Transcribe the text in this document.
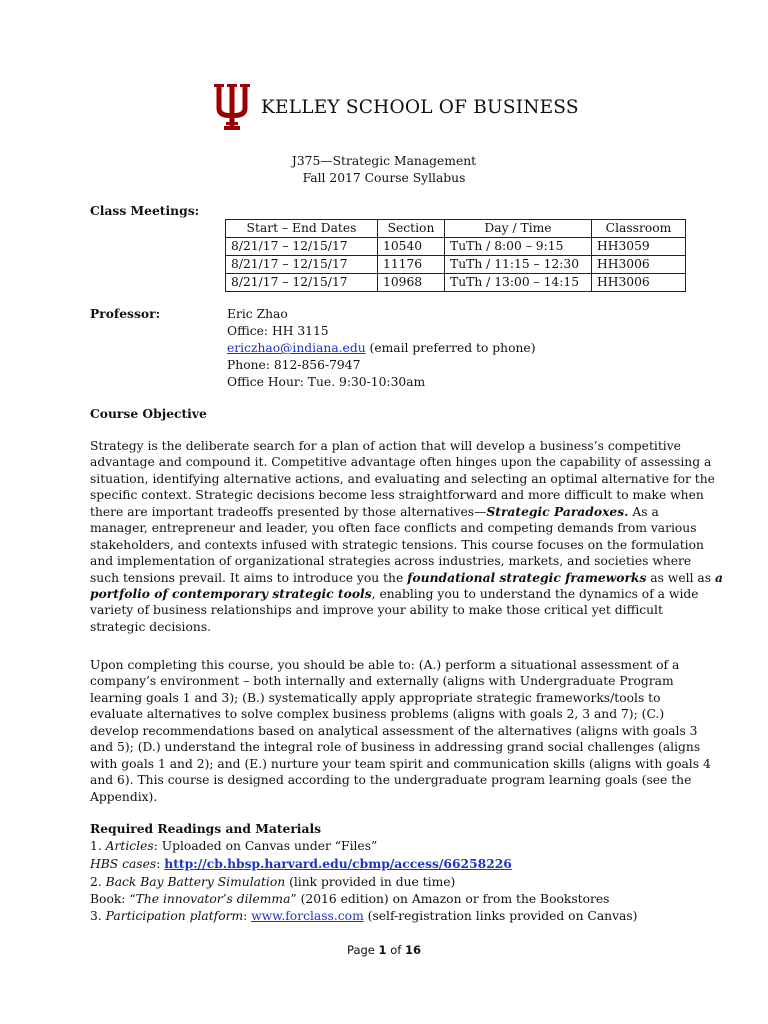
KELLEY SCHOOL OF BUSINESS
J375—Strategic Management
Fall 2017 Course Syllabus
Class Meetings:
Start – End Dates	Section	Day / Time	Classroom
8/21/17 – 12/15/17	10540	TuTh / 8:00 – 9:15	HH3059
8/21/17 – 12/15/17	11176	TuTh / 11:15 – 12:30	HH3006
8/21/17 – 12/15/17	10968	TuTh / 13:00 – 14:15	HH3006
Professor:	Eric Zhao
Office: HH 3115
ericzhao@indiana.edu (email preferred to phone)
Phone: 812-856-7947
Office Hour: Tue. 9:30-10:30am
Course Objective
Strategy is the deliberate search for a plan of action that will develop a business’s competitive
advantage and compound it. Competitive advantage often hinges upon the capability of assessing a
situation, identifying alternative actions, and evaluating and selecting an optimal alternative for the
specific context. Strategic decisions become less straightforward and more difficult to make when
there are important tradeoffs presented by those alternatives—Strategic Paradoxes. As a
manager, entrepreneur and leader, you often face conflicts and competing demands from various
stakeholders, and contexts infused with strategic tensions. This course focuses on the formulation
and implementation of organizational strategies across industries, markets, and societies where
such tensions prevail. It aims to introduce you the foundational strategic frameworks as well as a
portfolio of contemporary strategic tools, enabling you to understand the dynamics of a wide
variety of business relationships and improve your ability to make those critical yet difficult
strategic decisions.
Upon completing this course, you should be able to: (A.) perform a situational assessment of a
company’s environment – both internally and externally (aligns with Undergraduate Program
learning goals 1 and 3); (B.) systematically apply appropriate strategic frameworks/tools to
evaluate alternatives to solve complex business problems (aligns with goals 2, 3 and 7); (C.)
develop recommendations based on analytical assessment of the alternatives (aligns with goals 3
and 5); (D.) understand the integral role of business in addressing grand social challenges (aligns
with goals 1 and 2); and (E.) nurture your team spirit and communication skills (aligns with goals 4
and 6). This course is designed according to the undergraduate program learning goals (see the
Appendix).
Required Readings and Materials
1. Articles: Uploaded on Canvas under “Files”
HBS cases: http://cb.hbsp.harvard.edu/cbmp/access/66258226
2. Back Bay Battery Simulation (link provided in due time)
Book: “The innovator’s dilemma” (2016 edition) on Amazon or from the Bookstores
3. Participation platform: www.forclass.com (self-registration links provided on Canvas)
Page 1 of 16
